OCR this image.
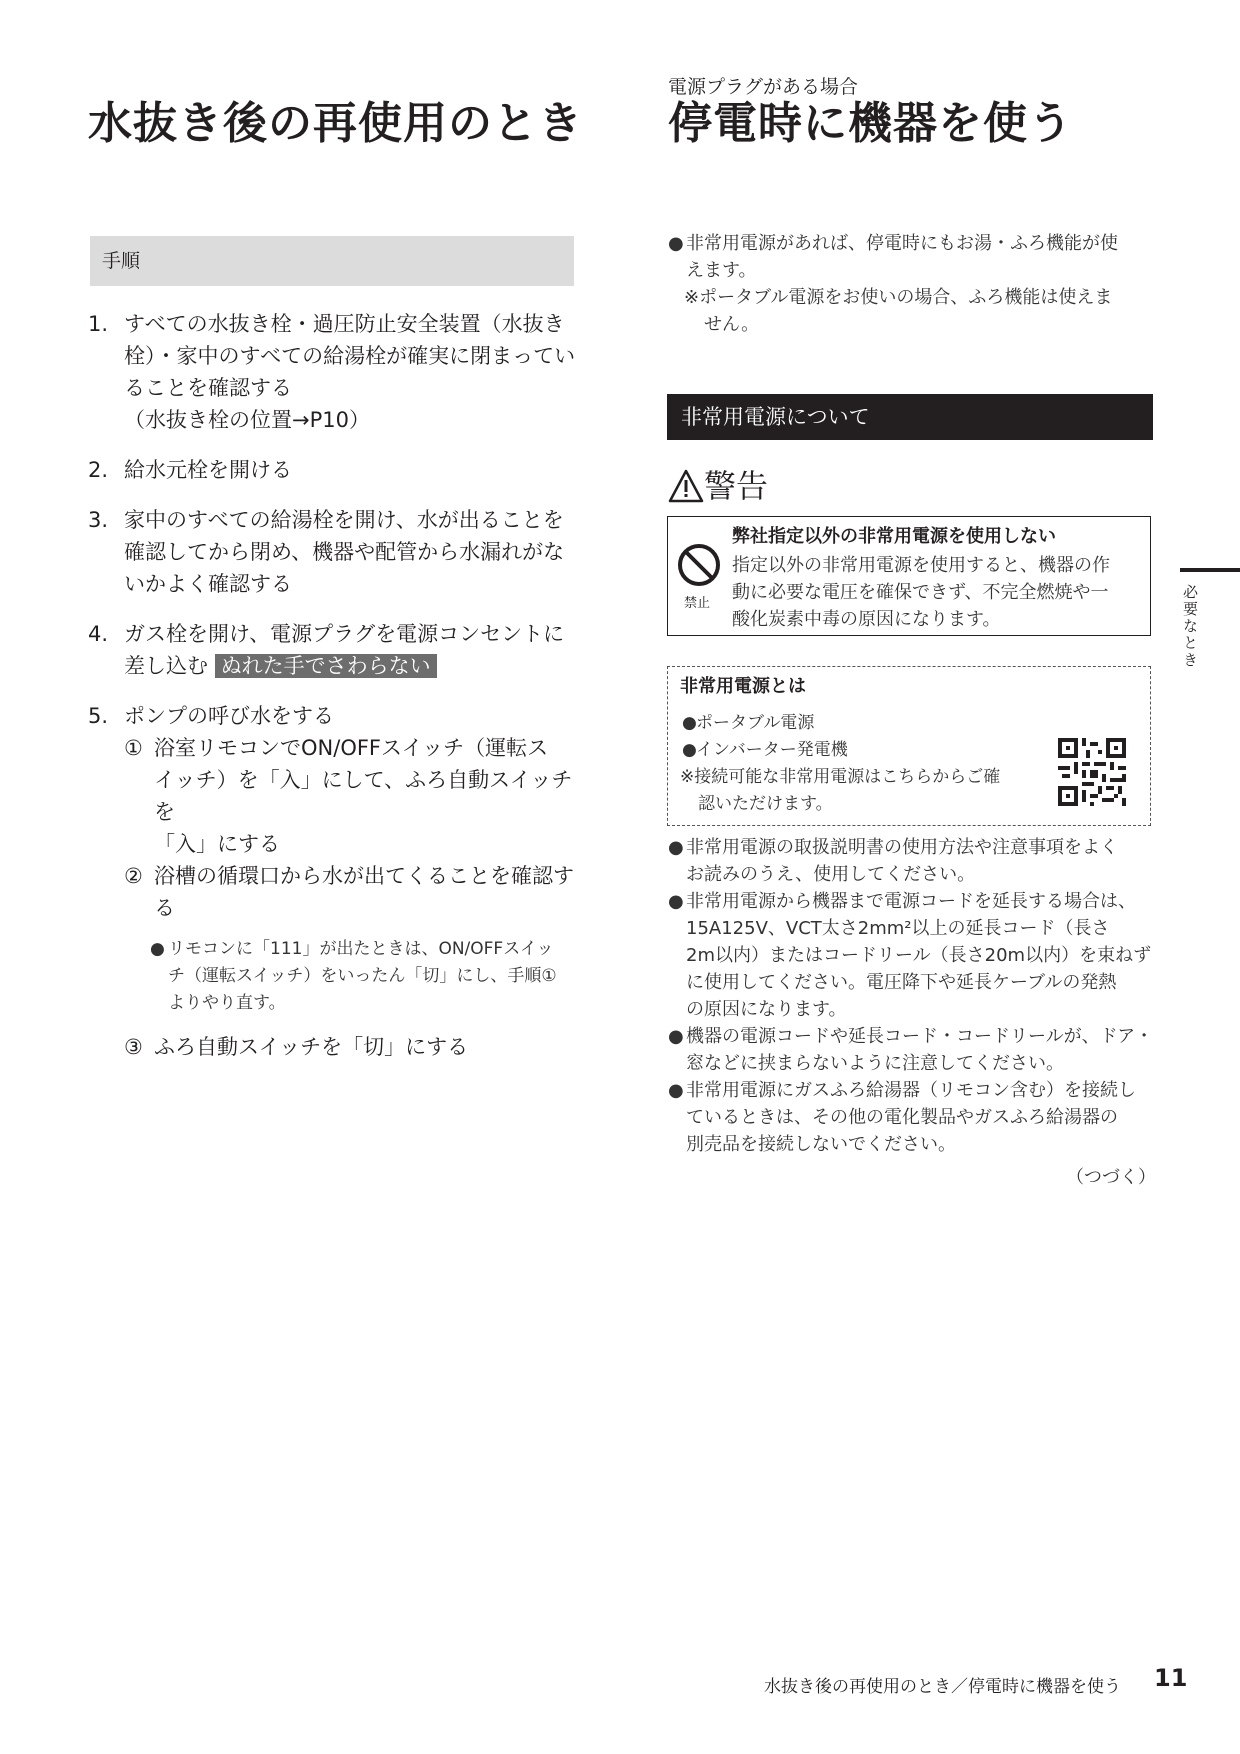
水抜き後の再使用のとき
手順
1. すべての水抜き栓・過圧防止安全装置（水抜き
栓）・家中のすべての給湯栓が確実に閉まってい
ることを確認する
（水抜き栓の位置→P10）
2. 給水元栓を開ける
3. 家中のすべての給湯栓を開け、水が出ることを
確認してから閉め、機器や配管から水漏れがな
いかよく確認する
4. ガス栓を開け、電源プラグを電源コンセントに
差し込む ぬれた手でさわらない
5. ポンプの呼び水をする
① 浴室リモコンでON/OFFスイッチ（運転ス
イッチ）を「入」にして、ふろ自動スイッチを
「入」にする
② 浴槽の循環口から水が出てくることを確認す
る
● リモコンに「111」が出たときは、ON/OFFスイッ
チ（運転スイッチ）をいったん「切」にし、手順①
よりやり直す。
③ ふろ自動スイッチを「切」にする
電源プラグがある場合
停電時に機器を使う
● 非常用電源があれば、停電時にもお湯・ふろ機能が使
えます。
※ポータブル電源をお使いの場合、ふろ機能は使えま
せん。
非常用電源について
警告
禁止
弊社指定以外の非常用電源を使用しない
指定以外の非常用電源を使用すると、機器の作
動に必要な電圧を確保できず、不完全燃焼や一
酸化炭素中毒の原因になります。
非常用電源とは
● ポータブル電源
● インバーター発電機
※接続可能な非常用電源はこちらからご確
認いただけます。
● 非常用電源の取扱説明書の使用方法や注意事項をよく
お読みのうえ、使用してください。
● 非常用電源から機器まで電源コードを延長する場合は、
15A125V、VCT太さ2mm²以上の延長コード（長さ
2m以内）またはコードリール（長さ20m以内）を束ねず
に使用してください。電圧降下や延長ケーブルの発熱
の原因になります。
● 機器の電源コードや延長コード・コードリールが、ドア・
窓などに挟まらないように注意してください。
● 非常用電源にガスふろ給湯器（リモコン含む）を接続し
ているときは、その他の電化製品やガスふろ給湯器の
別売品を接続しないでください。
（つづく）
必要なとき
水抜き後の再使用のとき／停電時に機器を使う 11
